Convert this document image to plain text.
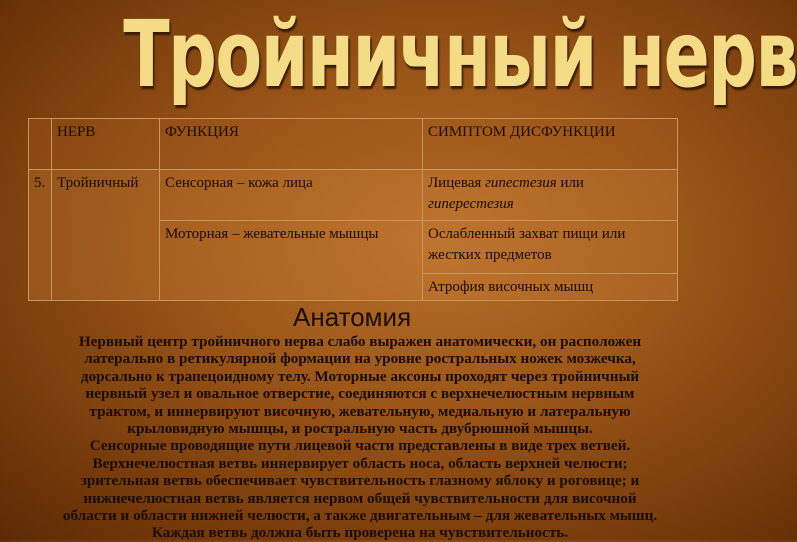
Тройничный нерв
	НЕРВ	ФУНКЦИЯ	СИМПТОМ ДИСФУНКЦИИ
5.	Тройничный	Сенсорная – кожа лица	Лицевая гипестезия или гиперестезия
		Моторная – жевательные мышцы	Ослабленный захват пищи или жестких предметов
			Атрофия височных мышц
Анатомия
Нервный центр тройничного нерва слабо выражен анатомически, он расположен
латерально в ретикулярной формации на уровне ростральных ножек мозжечка,
дорсально к трапецоидному телу. Моторные аксоны проходят через тройничный
нервный узел и овальное отверстие, соединяются с верхнечелюстным нервным
трактом, и иннервируют височную, жевательную, медиальную и латеральную
крыловидную мышцы, и ростральную часть двубрюшной мышцы.
Сенсорные проводящие пути лицевой части представлены в виде трех ветвей.
Верхнечелюстная ветвь иннервирует область носа, область верхней челюсти;
зрительная ветвь обеспечивает чувствительность глазному яблоку и роговице; и
нижнечелюстная ветвь является нервом общей чувствительности для височной
области и области нижней челюсти, а также двигательным – для жевательных мышц.
Каждая ветвь должна быть проверена на чувствительность.
